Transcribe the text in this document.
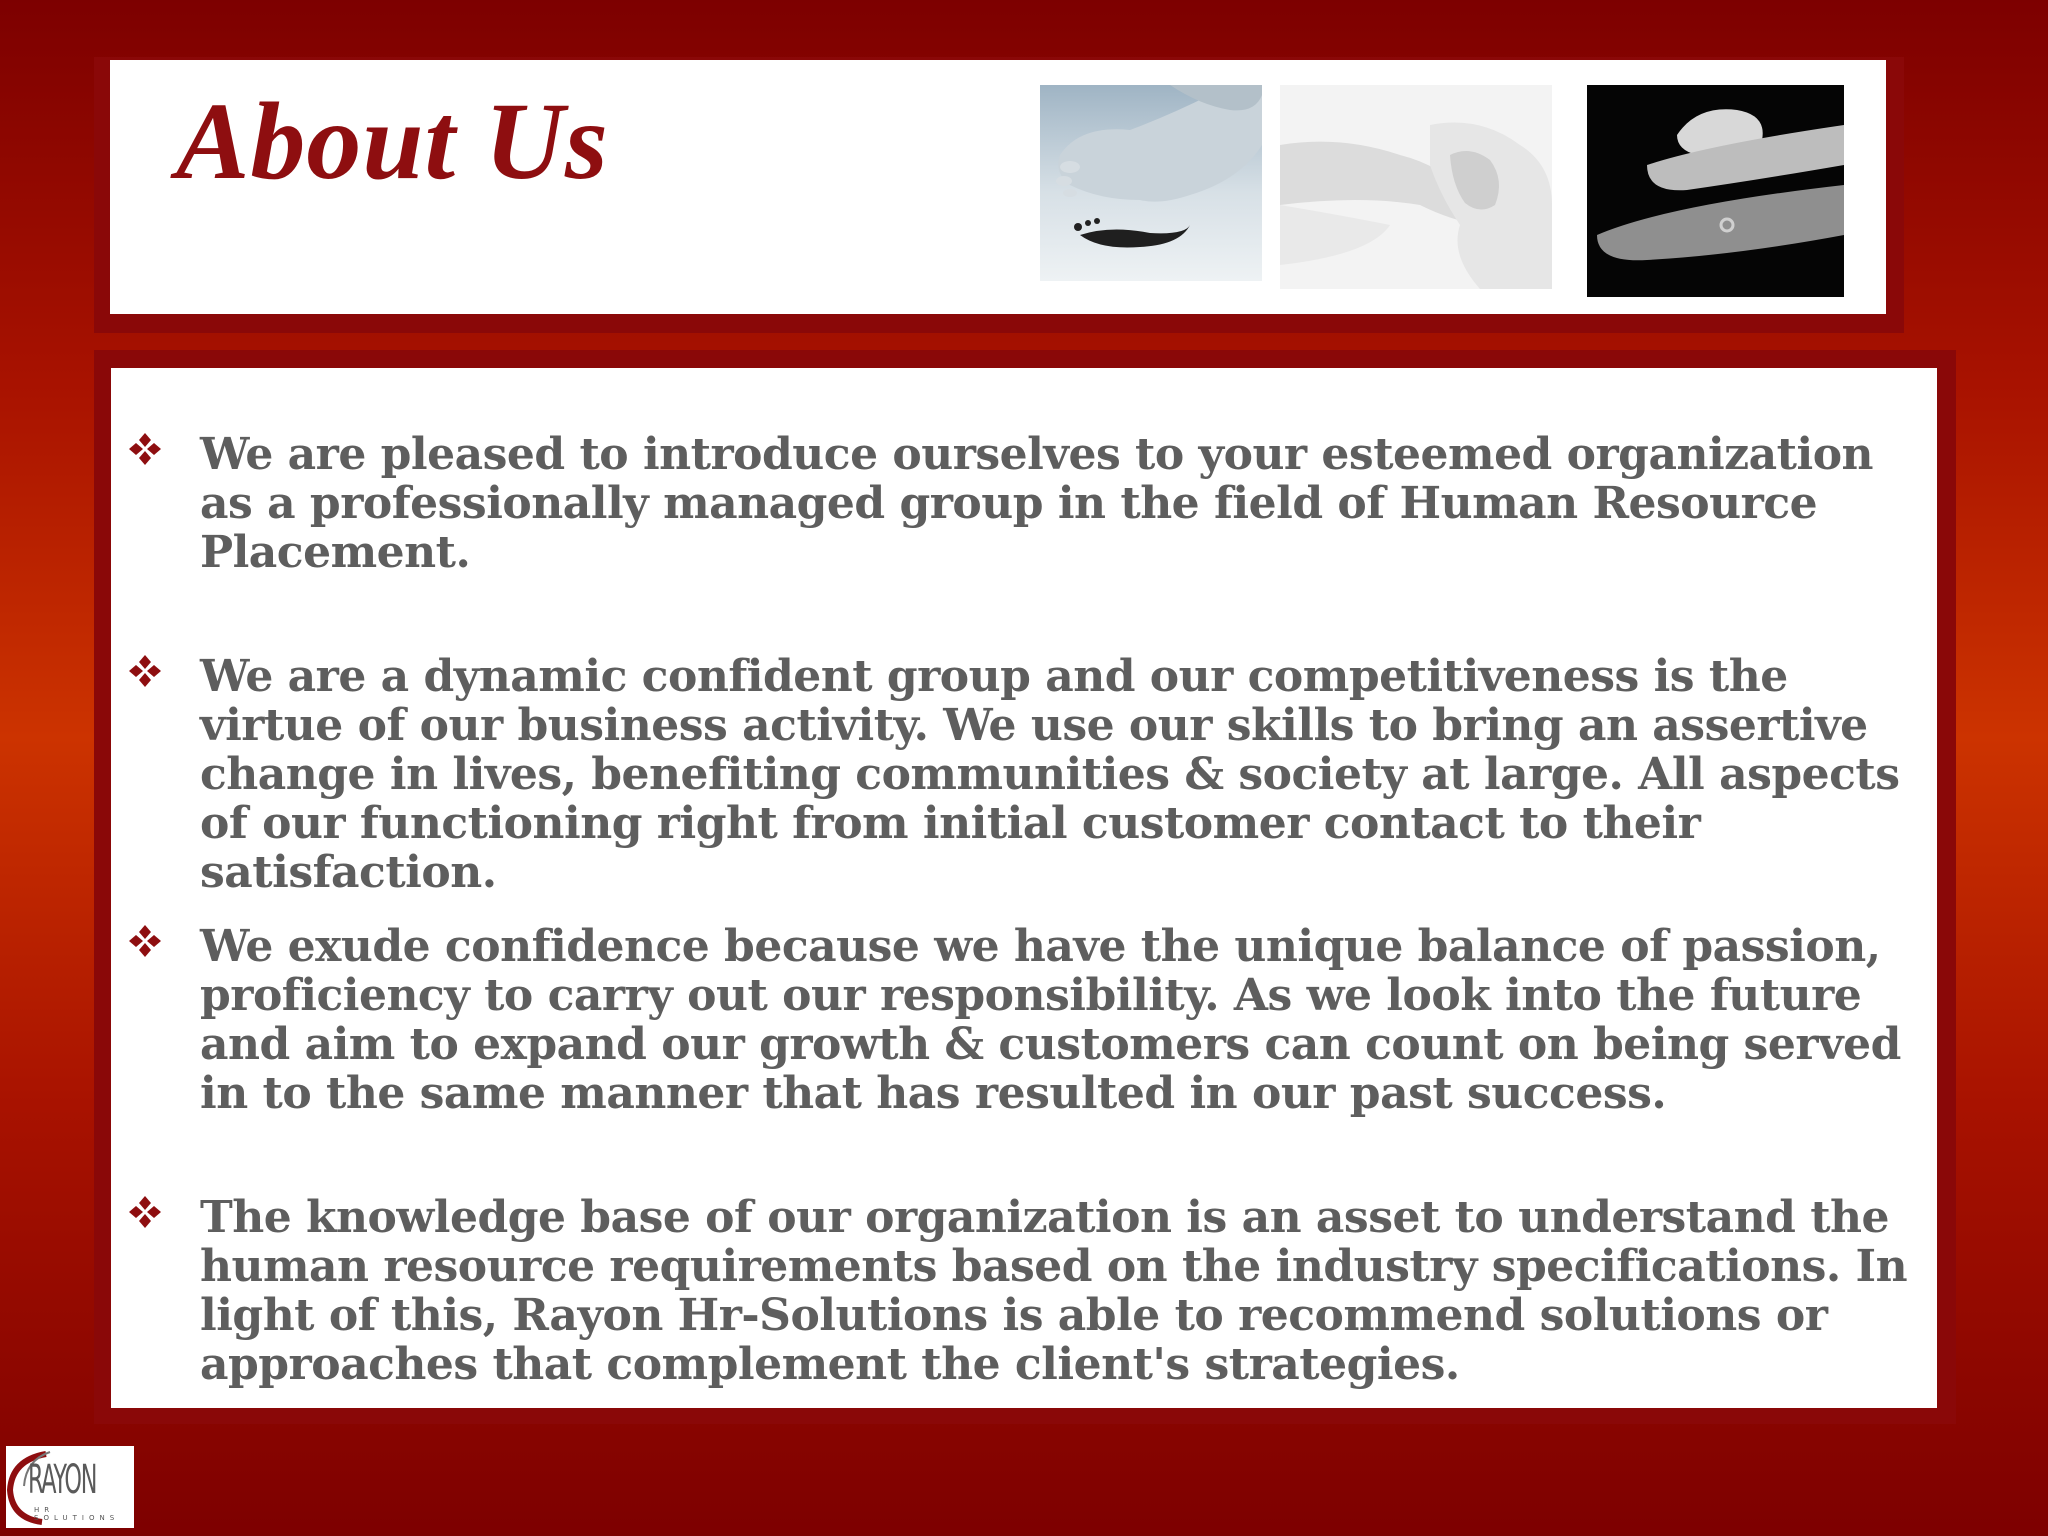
About Us

We are pleased to introduce ourselves to your esteemed organization as a professionally managed group in the field of Human Resource Placement.

We are a dynamic confident group and our competitiveness is the virtue of our business activity. We use our skills to bring an assertive change in lives, benefiting communities & society at large. All aspects of our functioning right from initial customer contact to their satisfaction.

We exude confidence because we have the unique balance of passion, proficiency to carry out our responsibility. As we look into the future and aim to expand our growth & customers can count on being served in to the same manner that has resulted in our past success.

The knowledge base of our organization is an asset to understand the human resource requirements based on the industry specifications. In light of this, Rayon Hr-Solutions is able to recommend solutions or approaches that complement the client's strategies.

RAYON

HR SOLUTIONS
